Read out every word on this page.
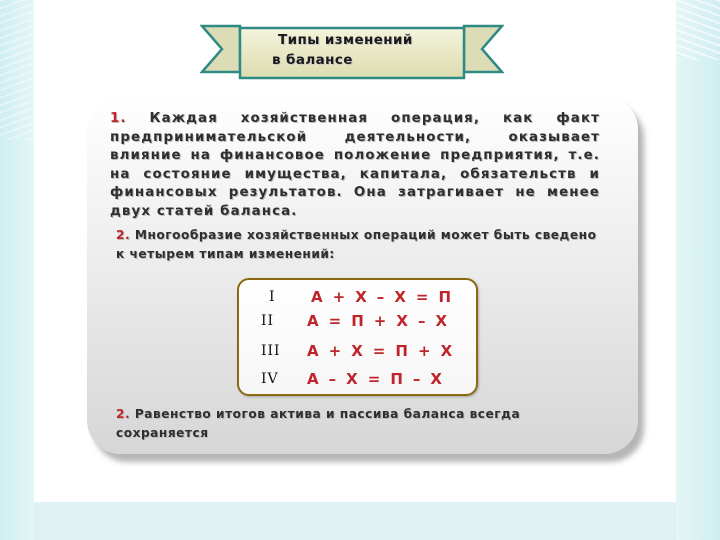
Типы изменений
в балансе

1. Каждая хозяйственная операция, как факт предпринимательской деятельности, оказывает влияние на финансовое положение предприятия, т.е. на состояние имущества, капитала, обязательств и финансовых результатов. Она затрагивает не менее двух статей баланса.

2. Многообразие хозяйственных операций может быть сведено к четырем типам изменений:

I	А + Х – Х = П
II	А = П + Х – Х
III	А + Х = П + Х
IV	А – Х = П – Х

2. Равенство итогов актива и пассива баланса всегда сохраняется
